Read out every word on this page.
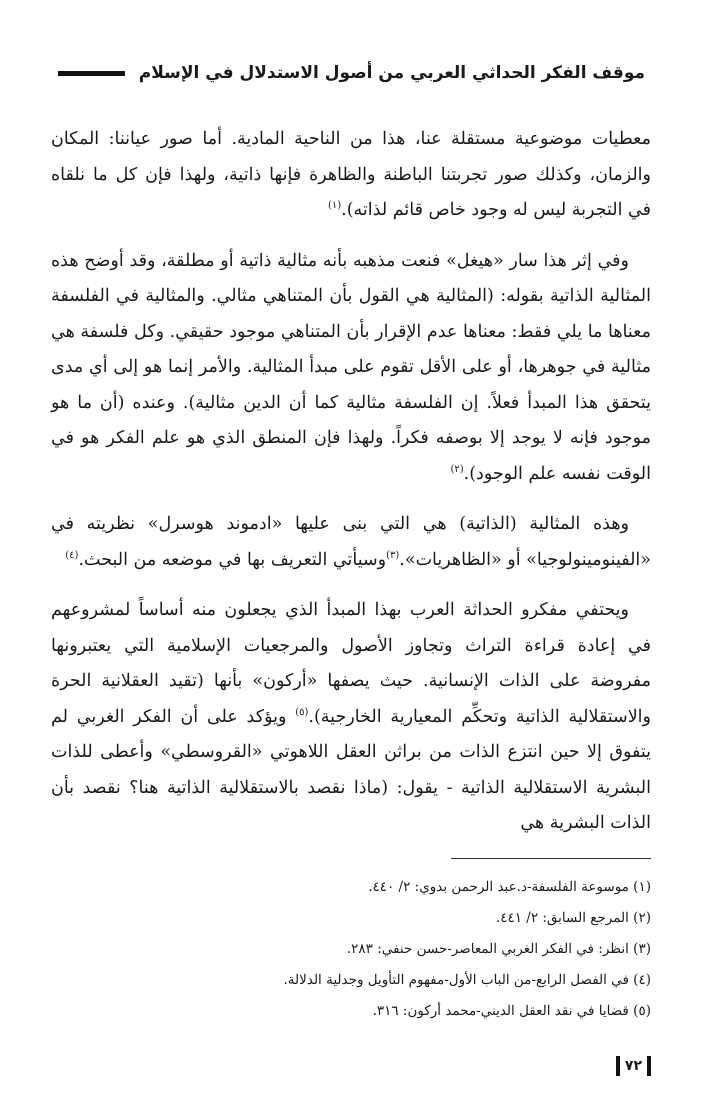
موقف الفكر الحداثي العربي من أصول الاستدلال في الإسلام

معطيات موضوعية مستقلة عنا، هذا من الناحية المادية. أما صور عياننا: المكان والزمان، وكذلك صور تجربتنا الباطنة والظاهرة فإنها ذاتية، ولهذا فإن كل ما نلقاه في التجربة ليس له وجود خاص قائم لذاته).$^{(١)}$

وفي إثر هذا سار «هيغل» فنعت مذهبه بأنه مثالية ذاتية أو مطلقة، وقد أوضح هذه المثالية الذاتية بقوله: (المثالية هي القول بأن المتناهي مثالي. والمثالية في الفلسفة معناها ما يلي فقط: معناها عدم الإقرار بأن المتناهي موجود حقيقي. وكل فلسفة هي مثالية في جوهرها، أو على الأقل تقوم على مبدأ المثالية. والأمر إنما هو إلى أي مدى يتحقق هذا المبدأ فعلاً. إن الفلسفة مثالية كما أن الدين مثالية). وعنده (أن ما هو موجود فإنه لا يوجد إلا بوصفه فكراً. ولهذا فإن المنطق الذي هو علم الفكر هو في الوقت نفسه علم الوجود).$^{(٢)}$

وهذه المثالية (الذاتية) هي التي بنى عليها «ادموند هوسرل» نظريته في «الفينومينولوجيا» أو «الظاهريات».$^{(٣)}$وسيأتي التعريف بها في موضعه من البحث.$^{(٤)}$

ويحتفي مفكرو الحداثة العرب بهذا المبدأ الذي يجعلون منه أساساً لمشروعهم في إعادة قراءة التراث وتجاوز الأصول والمرجعيات الإسلامية التي يعتبرونها مفروضة على الذات الإنسانية. حيث يصفها «أركون» بأنها (تقيد العقلانية الحرة والاستقلالية الذاتية وتحكِّم المعيارية الخارجية).$^{(٥)}$ ويؤكد على أن الفكر الغربي لم يتفوق إلا حين انتزع الذات من براثن العقل اللاهوتي «القروسطي» وأعطى للذات البشرية الاستقلالية الذاتية - يقول: (ماذا نقصد بالاستقلالية الذاتية هنا؟ نقصد بأن الذات البشرية هي

(١) موسوعة الفلسفة-د.عبد الرحمن بدوي: ٢/ ٤٤٠.
(٢) المرجع السابق: ٢/ ٤٤١.
(٣) انظر: في الفكر الغربي المعاصر-حسن حنفي: ٢٨٣.
(٤) في الفصل الرابع-من الباب الأول-مفهوم التأويل وجدلية الدلالة.
(٥) قضايا في نقد العقل الديني-محمد أركون: ٣١٦.
٧٢
